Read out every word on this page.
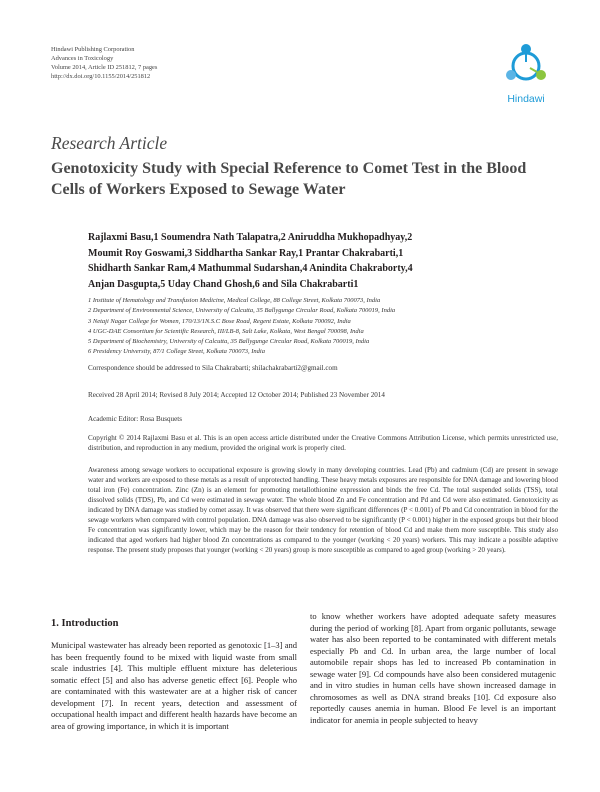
Hindawi Publishing Corporation
Advances in Toxicology
Volume 2014, Article ID 251812, 7 pages
http://dx.doi.org/10.1155/2014/251812
Hindawi
Research Article
Genotoxicity Study with Special Reference to Comet Test in the Blood Cells of Workers Exposed to Sewage Water
Rajlaxmi Basu,1 Soumendra Nath Talapatra,2 Aniruddha Mukhopadhyay,2
Moumit Roy Goswami,3 Siddhartha Sankar Ray,1 Prantar Chakrabarti,1
Shidharth Sankar Ram,4 Mathummal Sudarshan,4 Anindita Chakraborty,4
Anjan Dasgupta,5 Uday Chand Ghosh,6 and Sila Chakrabarti1
1 Institute of Hematology and Transfusion Medicine, Medical College, 88 College Street, Kolkata 700073, India
2 Department of Environmental Science, University of Calcutta, 35 Ballygunge Circular Road, Kolkata 700019, India
3 Netaji Nagar College for Women, 170/13/1N.S.C Bose Road, Regent Estate, Kolkata 700092, India
4 UGC-DAE Consortium for Scientific Research, III/LB-8, Salt Lake, Kolkata, West Bengal 700098, India
5 Department of Biochemistry, University of Calcutta, 35 Ballygunge Circular Road, Kolkata 700019, India
6 Presidency University, 87/1 College Street, Kolkata 700073, India
Correspondence should be addressed to Sila Chakrabarti; shilachakrabarti2@gmail.com
Received 28 April 2014; Revised 8 July 2014; Accepted 12 October 2014; Published 23 November 2014
Academic Editor: Rosa Busquets
Copyright © 2014 Rajlaxmi Basu et al. This is an open access article distributed under the Creative Commons Attribution License, which permits unrestricted use, distribution, and reproduction in any medium, provided the original work is properly cited.
Awareness among sewage workers to occupational exposure is growing slowly in many developing countries. Lead (Pb) and cadmium (Cd) are present in sewage water and workers are exposed to these metals as a result of unprotected handling. These heavy metals exposures are responsible for DNA damage and lowering blood total iron (Fe) concentration. Zinc (Zn) is an element for promoting metallothionine expression and binds the free Cd. The total suspended solids (TSS), total dissolved solids (TDS), Pb, and Cd were estimated in sewage water. The whole blood Zn and Fe concentration and Pd and Cd were also estimated. Genotoxicity as indicated by DNA damage was studied by comet assay. It was observed that there were significant differences (P < 0.001) of Pb and Cd concentration in blood for the sewage workers when compared with control population. DNA damage was also observed to be significantly (P < 0.001) higher in the exposed groups but their blood Fe concentration was significantly lower, which may be the reason for their tendency for retention of blood Cd and make them more susceptible. This study also indicated that aged workers had higher blood Zn concentrations as compared to the younger (working < 20 years) workers. This may indicate a possible adaptive response. The present study proposes that younger (working < 20 years) group is more susceptible as compared to aged group (working > 20 years).
1. Introduction
Municipal wastewater has already been reported as genotoxic [1–3] and has been frequently found to be mixed with liquid waste from small scale industries [4]. This multiple effluent mixture has deleterious somatic effect [5] and also has adverse genetic effect [6]. People who are contaminated with this wastewater are at a higher risk of cancer development [7]. In recent years, detection and assessment of occupational health impact and different health hazards have become an area of growing importance, in which it is important
to know whether workers have adopted adequate safety measures during the period of working [8]. Apart from organic pollutants, sewage water has also been reported to be contaminated with different metals especially Pb and Cd. In urban area, the large number of local automobile repair shops has led to increased Pb contamination in sewage water [9]. Cd compounds have also been considered mutagenic and in vitro studies in human cells have shown increased damage in chromosomes as well as DNA strand breaks [10]. Cd exposure also reportedly causes anemia in human. Blood Fe level is an important indicator for anemia in people subjected to heavy
